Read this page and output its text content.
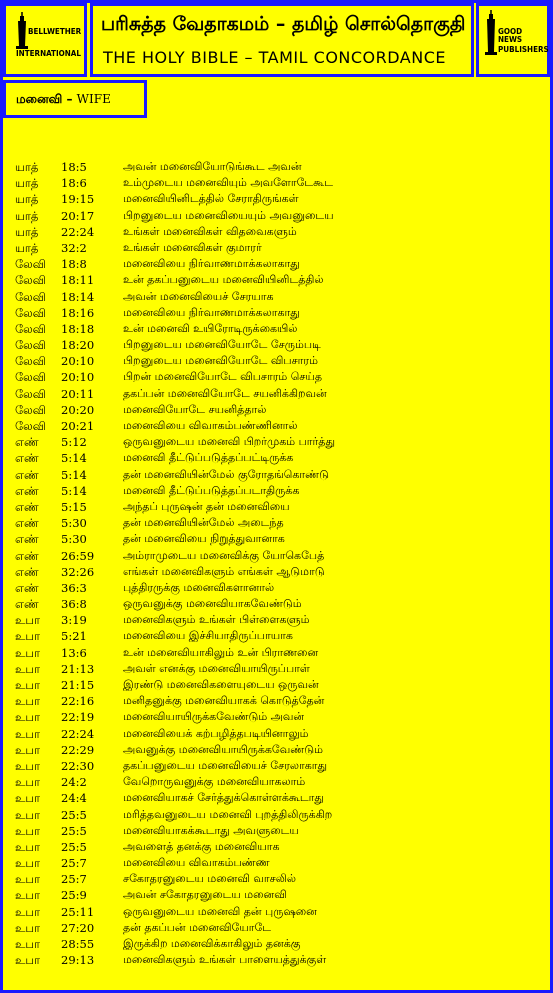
BELLWETHER
INTERNATIONAL
பரிசுத்த வேதாகமம் – தமிழ் சொல்தொகுதி
THE HOLY BIBLE – TAMIL CONCORDANCE
GOOD NEWS
PUBLISHERS
மனைவி – WIFE
யாத் 18:5	அவன் மனைவியோடுங்கூட அவன்
யாத் 18:6	உம்முடைய மனைவியும் அவளோடேகூட
யாத் 19:15	மனைவியினிடத்தில் சேராதிருங்கள்
யாத் 20:17	பிறனுடைய மனைவியையும் அவனுடைய
யாத் 22:24	உங்கள் மனைவிகள் விதவைகளும்
யாத் 32:2	உங்கள் மனைவிகள் குமாரர்
லேவி 18:8	மனைவியை நிர்வாணமாக்கலாகாது
லேவி 18:11	உன் தகப்பனுடைய மனைவியினிடத்தில்
லேவி 18:14	அவன் மனைவியைச் சேரயாக
லேவி 18:16	மனைவியை நிர்வாணமாக்கலாகாது
லேவி 18:18	உன் மனைவி உயிரோடிருக்கையில்
லேவி 18:20	பிறனுடைய மனைவியோடே சேரும்படி
லேவி 20:10	பிறனுடைய மனைவியோடே விபசாரம்
லேவி 20:10	பிறன் மனைவியோடே விபசாரம் செய்த
லேவி 20:11	தகப்பன் மனைவியோடே சயனிக்கிறவன்
லேவி 20:20	மனைவியோடே சயனித்தால்
லேவி 20:21	மனைவியை விவாகம்பண்ணினால்
எண் 5:12	ஒருவனுடைய மனைவி பிறர்முகம் பார்த்து
எண் 5:14	மனைவி தீட்டுப்படுத்தப்பட்டிருக்க
எண் 5:14	தன் மனைவியின்மேல் குரோதங்கொண்டு
எண் 5:14	மனைவி தீட்டுப்படுத்தப்படாதிருக்க
எண் 5:15	அந்தப் புருஷன் தன் மனைவியை
எண் 5:30	தன் மனைவியின்மேல் அடைந்த
எண் 5:30	தன் மனைவியை நிறுத்துவானாக
எண் 26:59	அம்ராமுடைய மனைவிக்கு யோகெபேத்
எண் 32:26	எங்கள் மனைவிகளும் எங்கள் ஆடுமாடு
எண் 36:3	புத்திரருக்கு மனைவிகளானால்
எண் 36:8	ஒருவனுக்கு மனைவியாகவேண்டும்
உபா 3:19	மனைவிகளும் உங்கள் பிள்ளைகளும்
உபா 5:21	மனைவியை இச்சியாதிருப்பாயாக
உபா 13:6	உன் மனைவியாகிலும் உன் பிராணனை
உபா 21:13	அவள் எனக்கு மனைவியாயிருப்பாள்
உபா 21:15	இரண்டு மனைவிகளையுடைய ஒருவன்
உபா 22:16	மனிதனுக்கு மனைவியாகக் கொடுத்தேன்
உபா 22:19	மனைவியாயிருக்கவேண்டும் அவன்
உபா 22:24	மனைவியைக் கற்பழித்தபடியினாலும்
உபா 22:29	அவனுக்கு மனைவியாயிருக்கவேண்டும்
உபா 22:30	தகப்பனுடைய மனைவியைச் சேரலாகாது
உபா 24:2	வேறொருவனுக்கு மனைவியாகலாம்
உபா 24:4	மனைவியாகச் சேர்த்துக்கொள்ளக்கூடாது
உபா 25:5	மரித்தவனுடைய மனைவி புறத்திலிருக்கிற
உபா 25:5	மனைவியாகக்கூடாது அவளுடைய
உபா 25:5	அவளைத் தனக்கு மனைவியாக
உபா 25:7	மனைவியை விவாகம்பண்ண
உபா 25:7	சகோதரனுடைய மனைவி வாசலில்
உபா 25:9	அவன் சகோதரனுடைய மனைவி
உபா 25:11	ஒருவனுடைய மனைவி தன் புருஷனை
உபா 27:20	தன் தகப்பன் மனைவியோடே
உபா 28:55	இருக்கிற மனைவிக்காகிலும் தனக்கு
உபா 29:13	மனைவிகளும் உங்கள் பாளையத்துக்குள்
